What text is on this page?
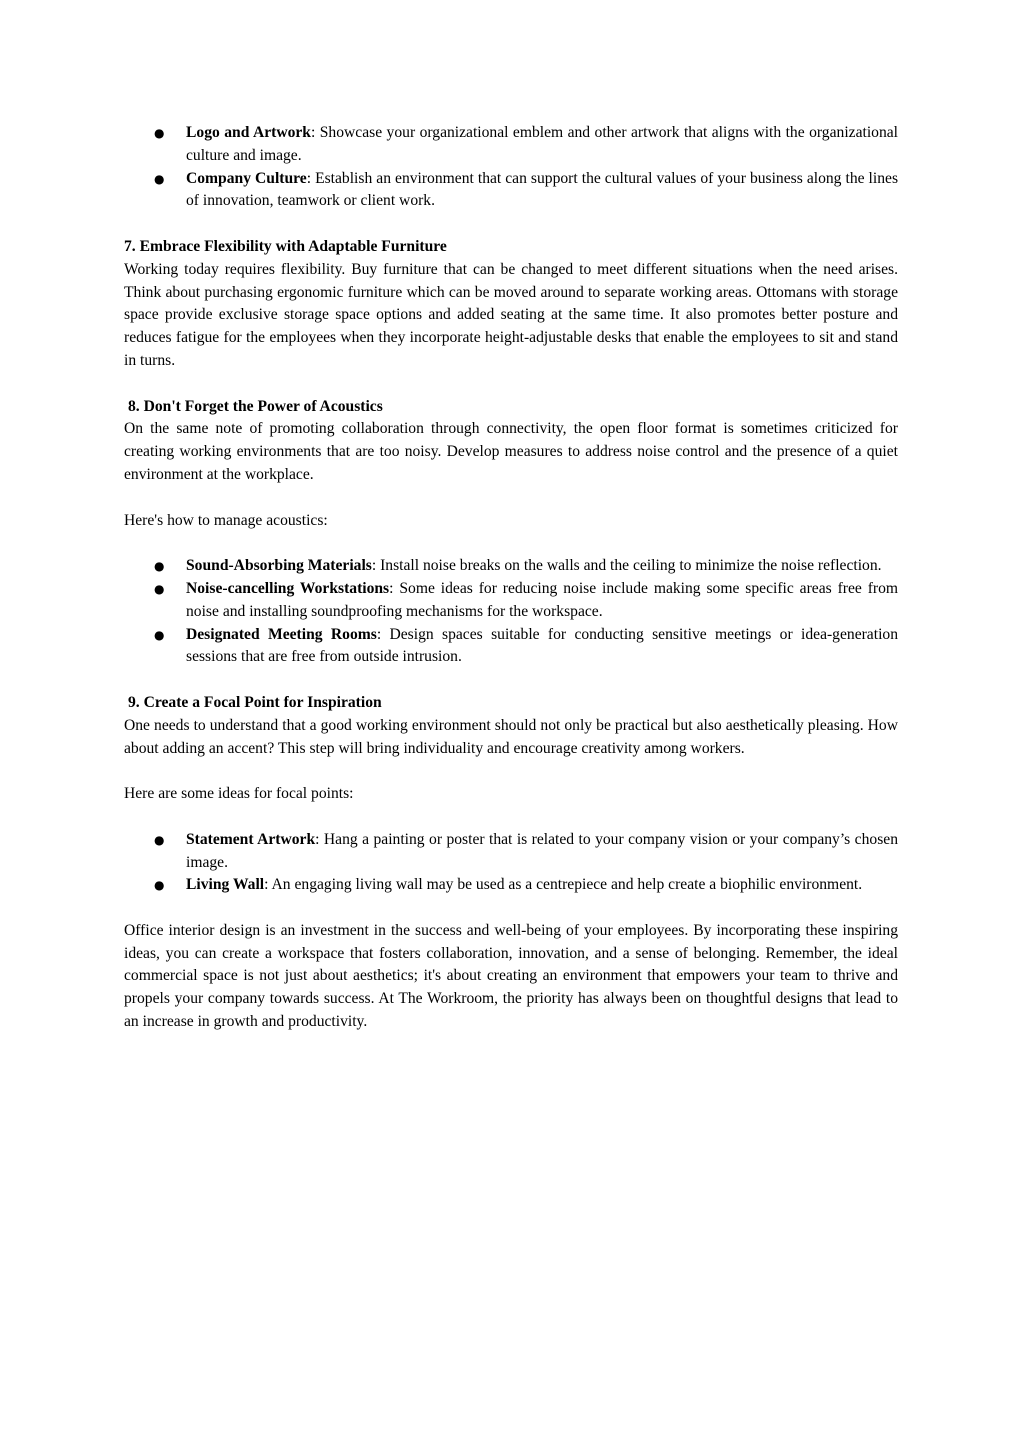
● Logo and Artwork: Showcase your organizational emblem and other artwork that aligns with the organizational culture and image.
● Company Culture: Establish an environment that can support the cultural values of your business along the lines of innovation, teamwork or client work.

7. Embrace Flexibility with Adaptable Furniture

Working today requires flexibility. Buy furniture that can be changed to meet different situations when the need arises. Think about purchasing ergonomic furniture which can be moved around to separate working areas. Ottomans with storage space provide exclusive storage space options and added seating at the same time. It also promotes better posture and reduces fatigue for the employees when they incorporate height-adjustable desks that enable the employees to sit and stand in turns.

8. Don't Forget the Power of Acoustics

On the same note of promoting collaboration through connectivity, the open floor format is sometimes criticized for creating working environments that are too noisy. Develop measures to address noise control and the presence of a quiet environment at the workplace.

Here's how to manage acoustics:

● Sound-Absorbing Materials: Install noise breaks on the walls and the ceiling to minimize the noise reflection.
● Noise-cancelling Workstations: Some ideas for reducing noise include making some specific areas free from noise and installing soundproofing mechanisms for the workspace.
● Designated Meeting Rooms: Design spaces suitable for conducting sensitive meetings or idea-generation sessions that are free from outside intrusion.

9. Create a Focal Point for Inspiration

One needs to understand that a good working environment should not only be practical but also aesthetically pleasing. How about adding an accent? This step will bring individuality and encourage creativity among workers.

Here are some ideas for focal points:

● Statement Artwork: Hang a painting or poster that is related to your company vision or your company’s chosen image.
● Living Wall: An engaging living wall may be used as a centrepiece and help create a biophilic environment.

Office interior design is an investment in the success and well-being of your employees. By incorporating these inspiring ideas, you can create a workspace that fosters collaboration, innovation, and a sense of belonging. Remember, the ideal commercial space is not just about aesthetics; it's about creating an environment that empowers your team to thrive and propels your company towards success. At The Workroom, the priority has always been on thoughtful designs that lead to an increase in growth and productivity.
